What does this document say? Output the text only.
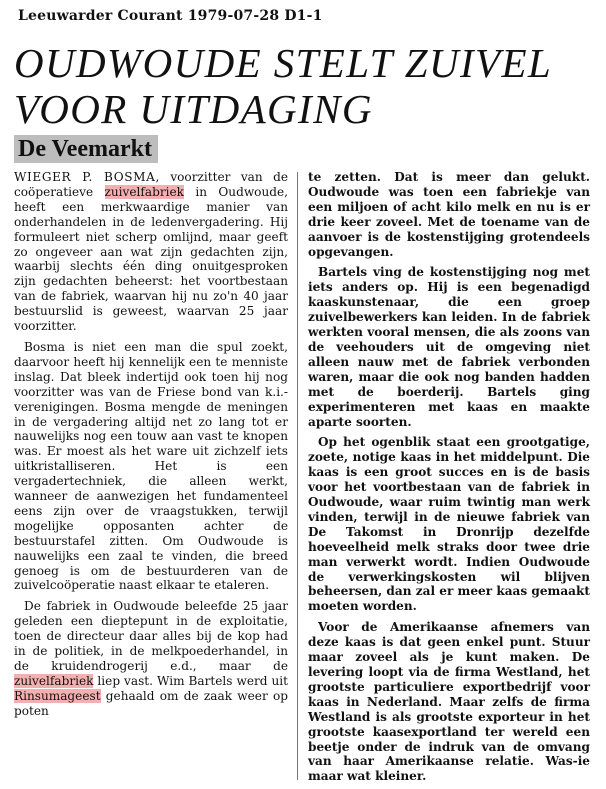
Leeuwarder Courant 1979-07-28 D1-1
OUDWOUDE STELT ZUIVEL
VOOR UITDAGING
De Veemarkt

WIEGER P. BOSMA, voorzitter van de coöperatieve zuivelfabriek in Oudwoude, heeft een merkwaardige manier van onderhandelen in de ledenvergadering. Hij formuleert niet scherp omlijnd, maar geeft zo ongeveer aan wat zijn gedachten zijn, waarbij slechts één ding onuitgesproken zijn gedachten beheerst: het voortbestaan van de fabriek, waarvan hij nu zo'n 40 jaar bestuurslid is geweest, waarvan 25 jaar voorzitter.

Bosma is niet een man die spul zoekt, daarvoor heeft hij kennelijk een te menniste inslag. Dat bleek indertijd ook toen hij nog voorzitter was van de Friese bond van k.i.-verenigingen. Bosma mengde de meningen in de vergadering altijd net zo lang tot er nauwelijks nog een touw aan vast te knopen was. Er moest als het ware uit zichzelf iets uitkristalliseren. Het is een vergadertechniek, die alleen werkt, wanneer de aanwezigen het fundamenteel eens zijn over de vraagstukken, terwijl mogelijke opposanten achter de bestuurstafel zitten. Om Oudwoude is nauwelijks een zaal te vinden, die breed genoeg is om de bestuurderen van de zuivelcoöperatie naast elkaar te etaleren.

De fabriek in Oudwoude beleefde 25 jaar geleden een dieptepunt in de exploitatie, toen de directeur daar alles bij de kop had in de politiek, in de melkpoederhandel, in de kruidendrogerij e.d., maar de zuivelfabriek liep vast. Wim Bartels werd uit Rinsumageest gehaald om de zaak weer op poten

te zetten. Dat is meer dan gelukt. Oudwoude was toen een fabriekje van een miljoen of acht kilo melk en nu is er drie keer zoveel. Met de toename van de aanvoer is de kostenstijging grotendeels opgevangen.

Bartels ving de kostenstijging nog met iets anders op. Hij is een begenadigd kaaskunstenaar, die een groep zuivelbewerkers kan leiden. In de fabriek werkten vooral mensen, die als zoons van de veehouders uit de omgeving niet alleen nauw met de fabriek verbonden waren, maar die ook nog banden hadden met de boerderij. Bartels ging experimenteren met kaas en maakte aparte soorten.

Op het ogenblik staat een grootgatige, zoete, notige kaas in het middelpunt. Die kaas is een groot succes en is de basis voor het voortbestaan van de fabriek in Oudwoude, waar ruim twintig man werk vinden, terwijl in de nieuwe fabriek van De Takomst in Dronrijp dezelfde hoeveelheid melk straks door twee drie man verwerkt wordt. Indien Oudwoude de verwerkingskosten wil blijven beheersen, dan zal er meer kaas gemaakt moeten worden.

Voor de Amerikaanse afnemers van deze kaas is dat geen enkel punt. Stuur maar zoveel als je kunt maken. De levering loopt via de firma Westland, het grootste particuliere exportbedrijf voor kaas in Nederland. Maar zelfs de firma Westland is als grootste exporteur in het grootste kaasexportland ter wereld een beetje onder de indruk van de omvang van haar Amerikaanse relatie. Was-ie maar wat kleiner.
